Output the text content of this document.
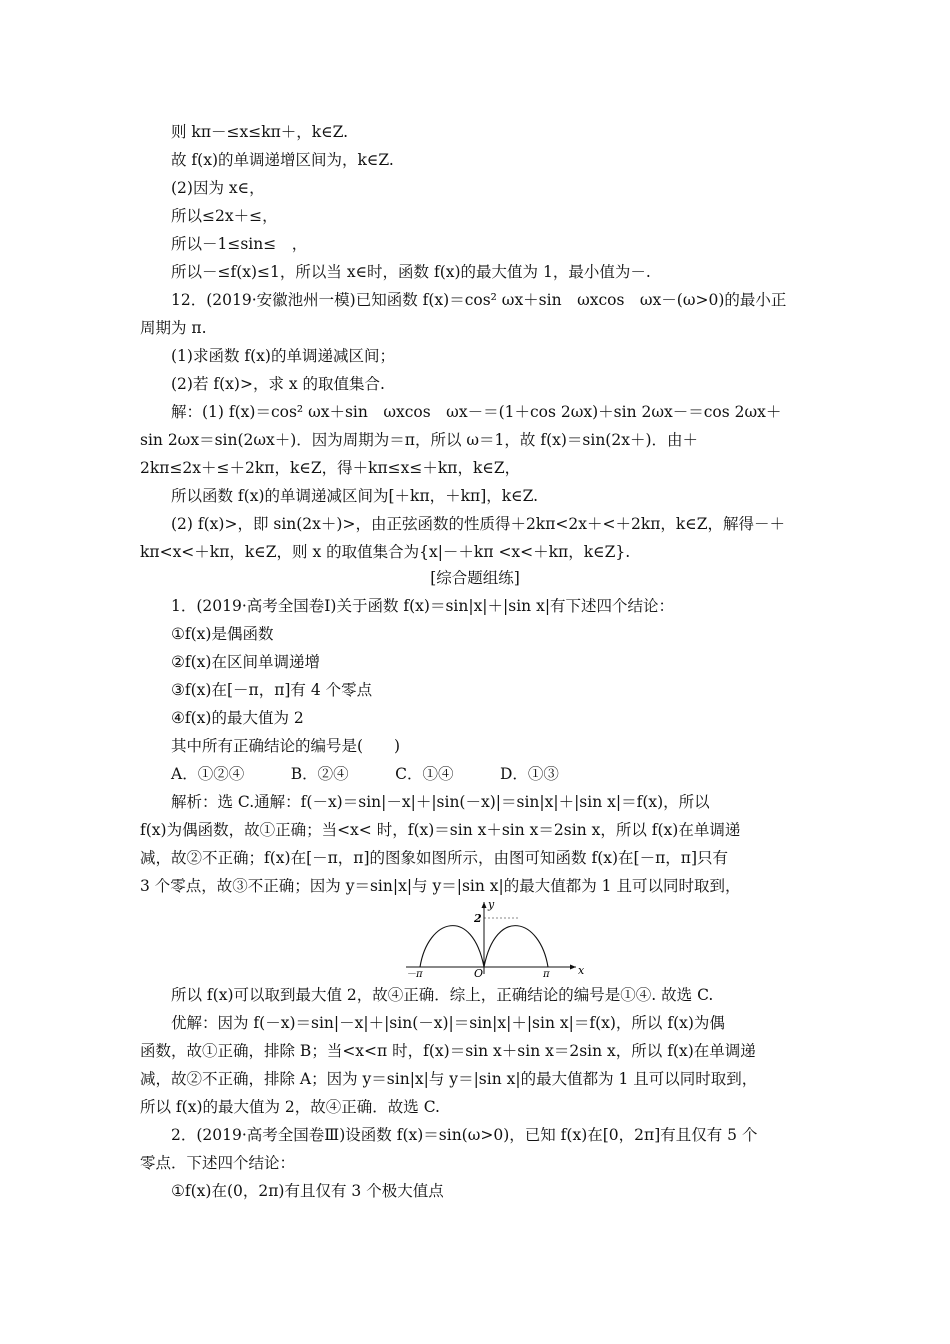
则 kπ－≤x≤kπ＋，k∈Z.
故 f(x)的单调递增区间为，k∈Z.
(2)因为 x∈，
所以≤2x＋≤，
所以－1≤sin≤　，
所以－≤f(x)≤1，所以当 x∈时，函数 f(x)的最大值为 1，最小值为－.
12．(2019·安徽池州一模)已知函数 f(x)＝cos² ωx＋sin　ωxcos　ωx－(ω>0)的最小正
周期为 π.
(1)求函数 f(x)的单调递减区间；
(2)若 f(x)>，求 x 的取值集合.
解：(1) f(x)＝cos² ωx＋sin　ωxcos　ωx－＝(1＋cos 2ωx)＋sin 2ωx－＝cos 2ωx＋
sin 2ωx＝sin(2ωx＋)．因为周期为＝π，所以 ω＝1，故 f(x)＝sin(2x＋)．由＋
2kπ≤2x＋≤＋2kπ，k∈Z，得＋kπ≤x≤＋kπ，k∈Z，
所以函数 f(x)的单调递减区间为[＋kπ，＋kπ]，k∈Z.
(2) f(x)>，即 sin(2x＋)>，由正弦函数的性质得＋2kπ<2x＋<＋2kπ，k∈Z，解得－＋
kπ<x<＋kπ，k∈Z，则 x 的取值集合为{x|－＋kπ <x<＋kπ，k∈Z}.
[综合题组练]
1．(2019·高考全国卷Ⅰ)关于函数 f(x)＝sin|x|＋|sin x|有下述四个结论：
①f(x)是偶函数
②f(x)在区间单调递增
③f(x)在[－π，π]有 4 个零点
④f(x)的最大值为 2
其中所有正确结论的编号是(　　)
A．①②④　　　B．②④　　　C．①④　　　D．①③
解析：选 C.通解：f(－x)＝sin|－x|＋|sin(－x)|＝sin|x|＋|sin x|＝f(x)，所以
f(x)为偶函数，故①正确；当<x< 时，f(x)＝sin x＋sin x＝2sin x，所以 f(x)在单调递
减，故②不正确；f(x)在[－π，π]的图象如图所示，由图可知函数 f(x)在[－π，π]只有
3 个零点，故③不正确；因为 y＝sin|x|与 y＝|sin x|的最大值都为 1 且可以同时取到，
y
x
2
O
－π	π
所以 f(x)可以取到最大值 2，故④正确．综上，正确结论的编号是①④. 故选 C.
优解：因为 f(－x)＝sin|－x|＋|sin(－x)|＝sin|x|＋|sin x|＝f(x)，所以 f(x)为偶
函数，故①正确，排除 B；当<x<π 时，f(x)＝sin x＋sin x＝2sin x，所以 f(x)在单调递
减，故②不正确，排除 A；因为 y＝sin|x|与 y＝|sin x|的最大值都为 1 且可以同时取到，
所以 f(x)的最大值为 2，故④正确．故选 C.
2．(2019·高考全国卷Ⅲ)设函数 f(x)＝sin(ω>0)，已知 f(x)在[0，2π]有且仅有 5 个
零点．下述四个结论：
①f(x)在(0，2π)有且仅有 3 个极大值点
